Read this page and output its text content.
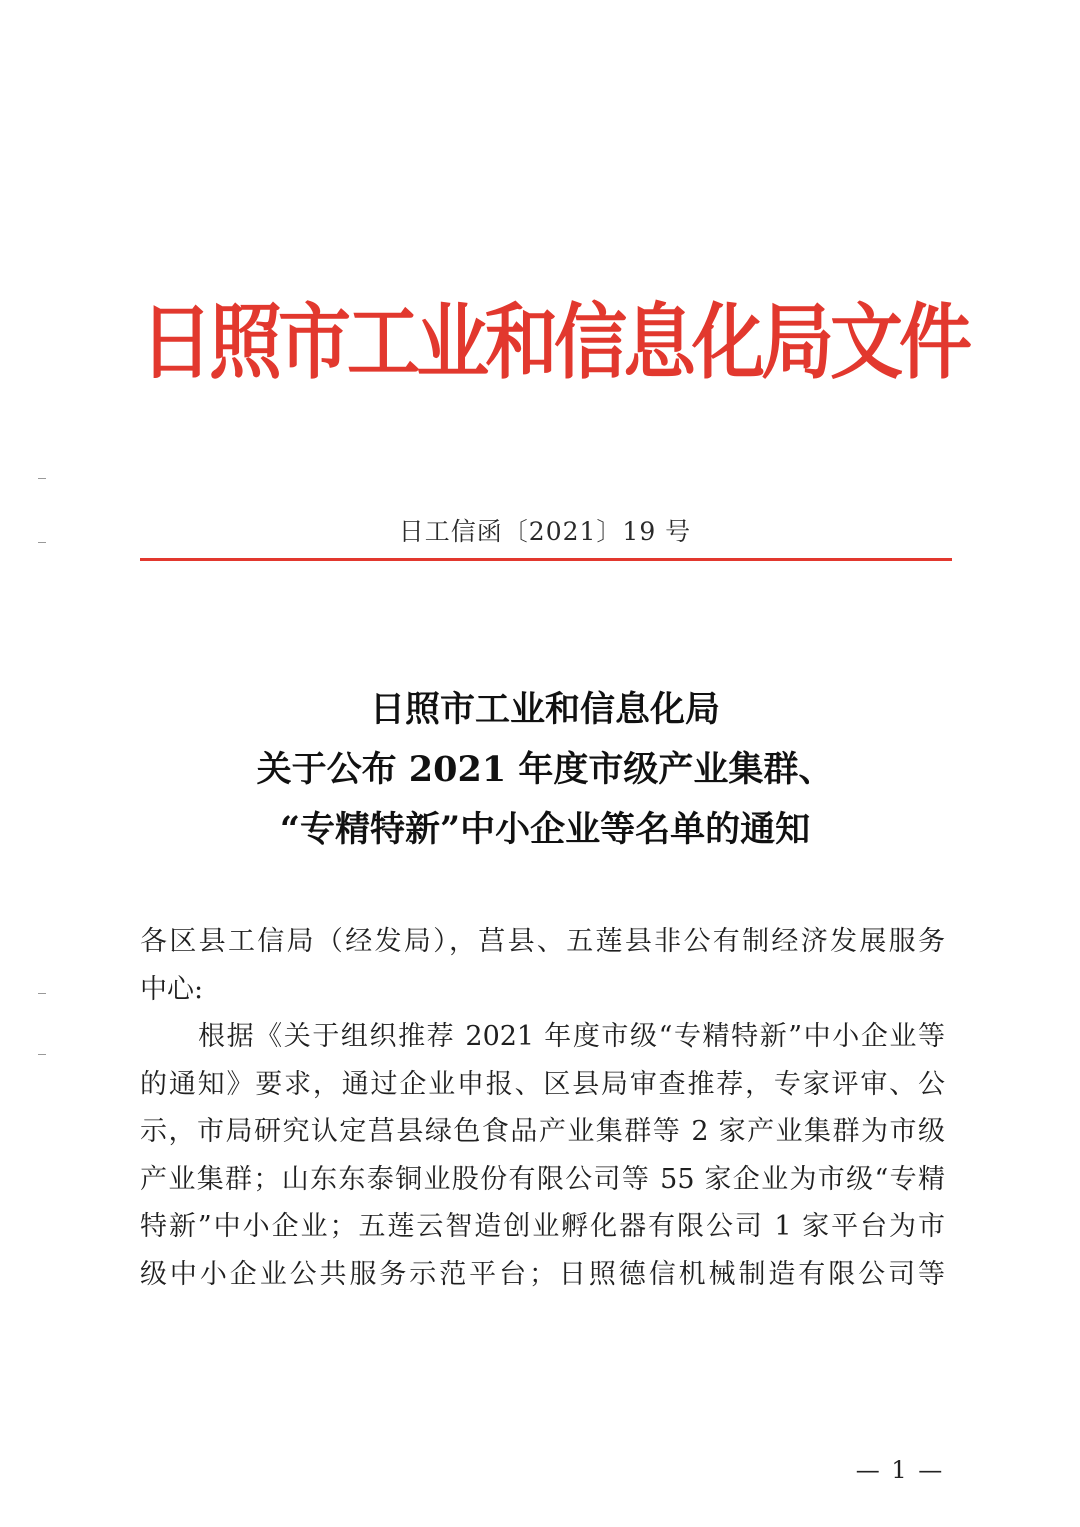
日照市工业和信息化局文件
日工信函〔2021〕19 号
日照市工业和信息化局
关于公布 2021 年度市级产业集群、
“专精特新”中小企业等名单的通知
各区县工信局（经发局），莒县、五莲县非公有制经济发展服务
中心:
根据《关于组织推荐 2021 年度市级“专精特新”中小企业等
的通知》要求，通过企业申报、区县局审查推荐，专家评审、公
示，市局研究认定莒县绿色食品产业集群等 2 家产业集群为市级
产业集群；山东东泰铜业股份有限公司等 55 家企业为市级“专精
特新”中小企业；五莲云智造创业孵化器有限公司 1 家平台为市
级中小企业公共服务示范平台；日照德信机械制造有限公司等
— 1 —
